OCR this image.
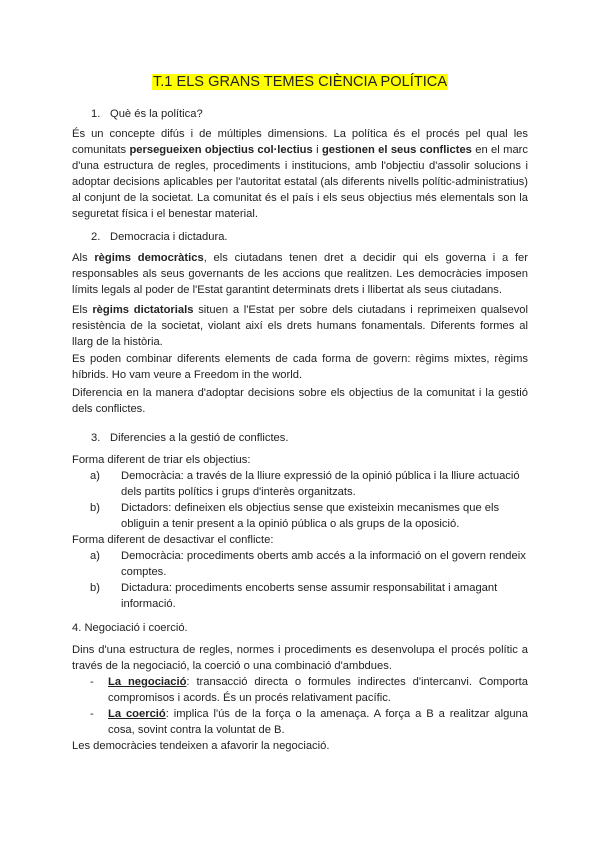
T.1 ELS GRANS TEMES CIÈNCIA POLÍTICA

1. Què és la política?

És un concepte difús i de múltiples dimensions. La política és el procés pel qual les comunitats persegueixen objectius col·lectius i gestionen el seus conflictes en el marc d'una estructura de regles, procediments i institucions, amb l'objectiu d'assolir solucions i adoptar decisions aplicables per l'autoritat estatal (als diferents nivells polític-administratius) al conjunt de la societat. La comunitat és el país i els seus objectius més elementals son la seguretat física i el benestar material.

2. Democracia i dictadura.

Als règims democràtics, els ciutadans tenen dret a decidir qui els governa i a fer responsables als seus governants de les accions que realitzen. Les democràcies imposen límits legals al poder de l'Estat garantint determinats drets i llibertat als seus ciutadans.

Els règims dictatorials situen a l'Estat per sobre dels ciutadans i reprimeixen qualsevol resistència de la societat, violant així els drets humans fonamentals. Diferents formes al llarg de la història.

Es poden combinar diferents elements de cada forma de govern: règims mixtes, règims híbrids. Ho vam veure a Freedom in the world.

Diferencia en la manera d'adoptar decisions sobre els objectius de la comunitat i la gestió dels conflictes.

3. Diferencies a la gestió de conflictes.

Forma diferent de triar els objectius:

a) Democràcia: a través de la lliure expressió de la opinió pública i la lliure actuació dels partits polítics i grups d'interès organitzats.
b) Dictadors: defineixen els objectius sense que existeixin mecanismes que els obliguin a tenir present a la opinió pública o als grups de la oposició.

Forma diferent de desactivar el conflicte:

a) Democràcia: procediments oberts amb accés a la informació on el govern rendeix comptes.
b) Dictadura: procediments encoberts sense assumir responsabilitat i amagant informació.

4. Negociació i coerció.

Dins d'una estructura de regles, normes i procediments es desenvolupa el procés polític a través de la negociació, la coerció o una combinació d'ambdues.

- La negociació: transacció directa o formules indirectes d'intercanvi. Comporta compromisos i acords. És un procés relativament pacífic.
- La coerció: implica l'ús de la força o la amenaça. A força a B a realitzar alguna cosa, sovint contra la voluntat de B.

Les democràcies tendeixen a afavorir la negociació.
